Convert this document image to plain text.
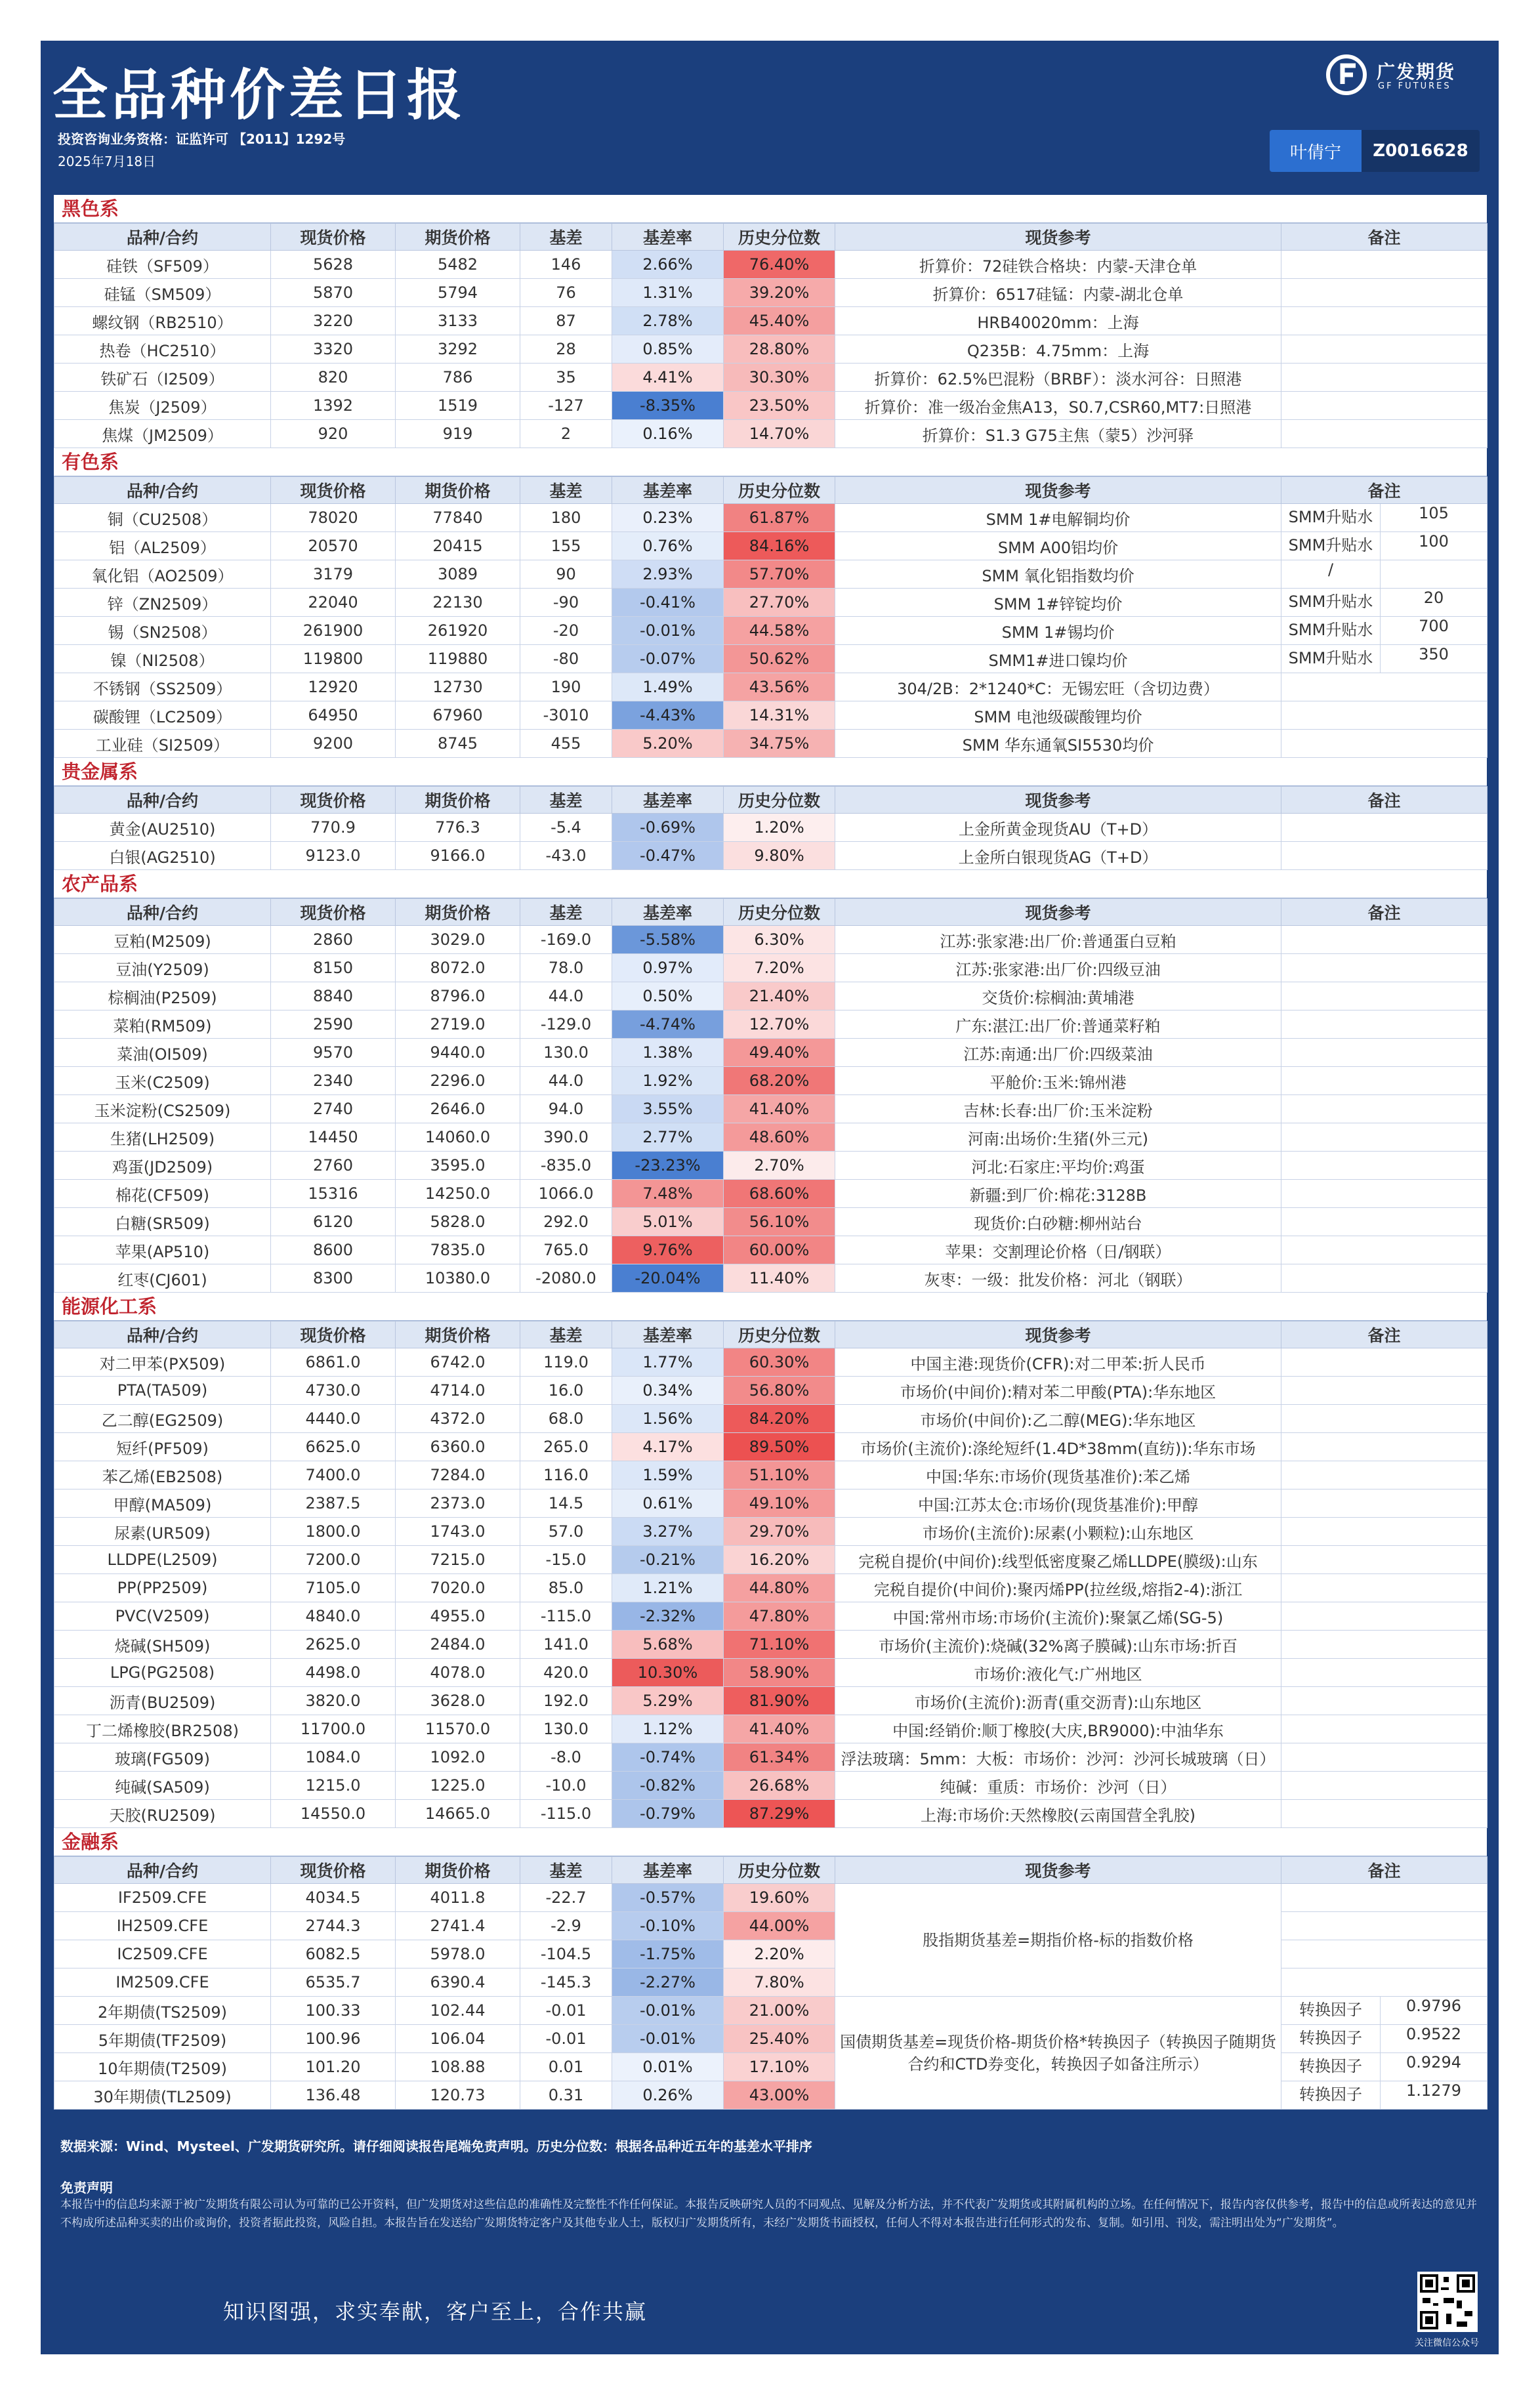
全品种价差日报
投资咨询业务资格：证监许可 【2011】1292号
2025年7月18日
广发期货
GF FUTURES
叶倩宁	Z0016628
黑色系
品种/合约	现货价格	期货价格	基差	基差率	历史分位数	现货参考	备注
硅铁（SF509）	5628	5482	146	2.66%	76.40%	折算价：72硅铁合格块：内蒙-天津仓单	
硅锰（SM509）	5870	5794	76	1.31%	39.20%	折算价：6517硅锰：内蒙-湖北仓单	
螺纹钢（RB2510）	3220	3133	87	2.78%	45.40%	HRB40020mm：上海	
热卷（HC2510）	3320	3292	28	0.85%	28.80%	Q235B：4.75mm：上海	
铁矿石（I2509）	820	786	35	4.41%	30.30%	折算价：62.5%巴混粉（BRBF）：淡水河谷：日照港	
焦炭（J2509）	1392	1519	-127	-8.35%	23.50%	折算价：准一级冶金焦A13，S0.7,CSR60,MT7:日照港	
焦煤（JM2509）	920	919	2	0.16%	14.70%	折算价：S1.3 G75主焦（蒙5）沙河驿	
有色系
品种/合约	现货价格	期货价格	基差	基差率	历史分位数	现货参考	备注
铜（CU2508）	78020	77840	180	0.23%	61.87%	SMM 1#电解铜均价	SMM升贴水 105

铝（AL2509）	20570	20415	155	0.76%	84.16%	SMM A00铝均价	SMM升贴水 100

氧化铝（AO2509）	3179	3089	90	2.93%	57.70%	SMM 氧化铝指数均价	/

锌（ZN2509）	22040	22130	-90	-0.41%	27.70%	SMM 1#锌锭均价	SMM升贴水 20

锡（SN2508）	261900	261920	-20	-0.01%	44.58%	SMM 1#锡均价	SMM升贴水 700

镍（NI2508）	119800	119880	-80	-0.07%	50.62%	SMM1#进口镍均价	SMM升贴水 350

不锈钢（SS2509）	12920	12730	190	1.49%	43.56%	304/2B：2*1240*C：无锡宏旺（含切边费）	
碳酸锂（LC2509）	64950	67960	-3010	-4.43%	14.31%	SMM 电池级碳酸锂均价	
工业硅（SI2509）	9200	8745	455	5.20%	34.75%	SMM 华东通氧SI5530均价	
贵金属系
品种/合约	现货价格	期货价格	基差	基差率	历史分位数	现货参考	备注
黄金(AU2510)	770.9	776.3	-5.4	-0.69%	1.20%	上金所黄金现货AU（T+D）	
白银(AG2510)	9123.0	9166.0	-43.0	-0.47%	9.80%	上金所白银现货AG（T+D）	
农产品系
品种/合约	现货价格	期货价格	基差	基差率	历史分位数	现货参考	备注
豆粕(M2509)	2860	3029.0	-169.0	-5.58%	6.30%	江苏:张家港:出厂价:普通蛋白豆粕	
豆油(Y2509)	8150	8072.0	78.0	0.97%	7.20%	江苏:张家港:出厂价:四级豆油	
棕榈油(P2509)	8840	8796.0	44.0	0.50%	21.40%	交货价:棕榈油:黄埔港	
菜粕(RM509)	2590	2719.0	-129.0	-4.74%	12.70%	广东:湛江:出厂价:普通菜籽粕	
菜油(OI509)	9570	9440.0	130.0	1.38%	49.40%	江苏:南通:出厂价:四级菜油	
玉米(C2509)	2340	2296.0	44.0	1.92%	68.20%	平舱价:玉米:锦州港	
玉米淀粉(CS2509)	2740	2646.0	94.0	3.55%	41.40%	吉林:长春:出厂价:玉米淀粉	
生猪(LH2509)	14450	14060.0	390.0	2.77%	48.60%	河南:出场价:生猪(外三元)	
鸡蛋(JD2509)	2760	3595.0	-835.0	-23.23%	2.70%	河北:石家庄:平均价:鸡蛋	
棉花(CF509)	15316	14250.0	1066.0	7.48%	68.60%	新疆:到厂价:棉花:3128B	
白糖(SR509)	6120	5828.0	292.0	5.01%	56.10%	现货价:白砂糖:柳州站台	
苹果(AP510)	8600	7835.0	765.0	9.76%	60.00%	苹果：交割理论价格（日/钢联）	
红枣(CJ601)	8300	10380.0	-2080.0	-20.04%	11.40%	灰枣：一级：批发价格：河北（钢联）	
能源化工系
品种/合约	现货价格	期货价格	基差	基差率	历史分位数	现货参考	备注
对二甲苯(PX509)	6861.0	6742.0	119.0	1.77%	60.30%	中国主港:现货价(CFR):对二甲苯:折人民币	
PTA(TA509)	4730.0	4714.0	16.0	0.34%	56.80%	市场价(中间价):精对苯二甲酸(PTA):华东地区	
乙二醇(EG2509)	4440.0	4372.0	68.0	1.56%	84.20%	市场价(中间价):乙二醇(MEG):华东地区	
短纤(PF509)	6625.0	6360.0	265.0	4.17%	89.50%	市场价(主流价):涤纶短纤(1.4D*38mm(直纺)):华东市场	
苯乙烯(EB2508)	7400.0	7284.0	116.0	1.59%	51.10%	中国:华东:市场价(现货基准价):苯乙烯	
甲醇(MA509)	2387.5	2373.0	14.5	0.61%	49.10%	中国:江苏太仓:市场价(现货基准价):甲醇	
尿素(UR509)	1800.0	1743.0	57.0	3.27%	29.70%	市场价(主流价):尿素(小颗粒):山东地区	
LLDPE(L2509)	7200.0	7215.0	-15.0	-0.21%	16.20%	完税自提价(中间价):线型低密度聚乙烯LLDPE(膜级):山东	
PP(PP2509)	7105.0	7020.0	85.0	1.21%	44.80%	完税自提价(中间价):聚丙烯PP(拉丝级,熔指2-4):浙江	
PVC(V2509)	4840.0	4955.0	-115.0	-2.32%	47.80%	中国:常州市场:市场价(主流价):聚氯乙烯(SG-5)	
烧碱(SH509)	2625.0	2484.0	141.0	5.68%	71.10%	市场价(主流价):烧碱(32%离子膜碱):山东市场:折百	
LPG(PG2508)	4498.0	4078.0	420.0	10.30%	58.90%	市场价:液化气:广州地区	
沥青(BU2509)	3820.0	3628.0	192.0	5.29%	81.90%	市场价(主流价):沥青(重交沥青):山东地区	
丁二烯橡胶(BR2508)	11700.0	11570.0	130.0	1.12%	41.40%	中国:经销价:顺丁橡胶(大庆,BR9000):中油华东	
玻璃(FG509)	1084.0	1092.0	-8.0	-0.74%	61.34%	浮法玻璃：5mm：大板：市场价：沙河：沙河长城玻璃（日）	
纯碱(SA509)	1215.0	1225.0	-10.0	-0.82%	26.68%	纯碱：重质：市场价：沙河（日）	
天胶(RU2509)	14550.0	14665.0	-115.0	-0.79%	87.29%	上海:市场价:天然橡胶(云南国营全乳胶)	
金融系
品种/合约	现货价格	期货价格	基差	基差率	历史分位数	现货参考	备注
IF2509.CFE	4034.5	4011.8	-22.7	-0.57%	19.60%	股指期货基差=期指价格-标的指数价格	
IH2509.CFE	2744.3	2741.4	-2.9	-0.10%	44.00%		
IC2509.CFE	6082.5	5978.0	-104.5	-1.75%	2.20%		
IM2509.CFE	6535.7	6390.4	-145.3	-2.27%	7.80%		
2年期债(TS2509)	100.33	102.44	-0.01	-0.01%	21.00%	国债期货基差=现货价格-期货价格*转换因子（转换因子随期货合约和CTD券变化，转换因子如备注所示）	转换因子 0.9796

5年期债(TF2509)	100.96	106.04	-0.01	-0.01%	25.40%		转换因子 0.9522

10年期债(T2509)	101.20	108.88	0.01	0.01%	17.10%		转换因子 0.9294

30年期债(TL2509)	136.48	120.73	0.31	0.26%	43.00%		转换因子 1.1279
数据来源：Wind、Mysteel、广发期货研究所。请仔细阅读报告尾端免责声明。历史分位数：根据各品种近五年的基差水平排序
免责声明
本报告中的信息均来源于被广发期货有限公司认为可靠的已公开资料，但广发期货对这些信息的准确性及完整性不作任何保证。本报告反映研究人员的不同观点、见解及分析方法，并不代表广发期货或其附属机构的立场。在任何情况下，报告内容仅供参考，报告中的信息或所表达的意见并不构成所述品种买卖的出价或询价，投资者据此投资，风险自担。本报告旨在发送给广发期货特定客户及其他专业人士，版权归广发期货所有，未经广发期货书面授权，任何人不得对本报告进行任何形式的发布、复制。如引用、刊发，需注明出处为“广发期货”。
知识图强，求实奉献，客户至上，合作共赢
关注微信公众号
